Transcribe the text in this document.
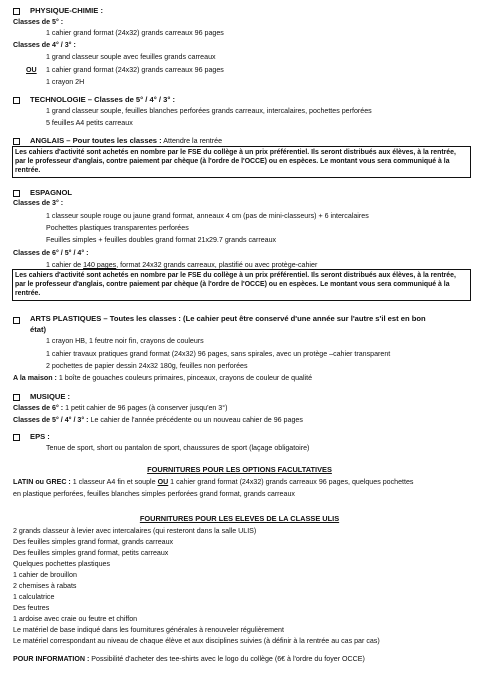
PHYSIQUE-CHIMIE :
Classes de 5° :
1 cahier grand format (24x32) grands carreaux 96 pages
Classes de 4° / 3° :
1 grand classeur souple avec feuilles grands carreaux
OU 1 cahier grand format (24x32) grands carreaux 96 pages
1 crayon 2H
TECHNOLOGIE – Classes de 5° / 4° / 3° :
1 grand classeur souple, feuilles blanches perforées grands carreaux, intercalaires, pochettes perforées
5 feuilles A4 petits carreaux
ANGLAIS – Pour toutes les classes : Attendre la rentrée
Les cahiers d'activité sont achetés en nombre par le FSE du collège à un prix préférentiel. Ils seront distribués aux élèves, à la rentrée, par le professeur d'anglais, contre paiement par chèque (à l'ordre de l'OCCE) ou en espèces. Le montant vous sera communiqué à la rentrée.
ESPAGNOL
Classes de 3° :
1 classeur souple rouge ou jaune grand format, anneaux 4 cm (pas de mini-classeurs) + 6 intercalaires
Pochettes plastiques transparentes perforées
Feuilles simples + feuilles doubles grand format 21x29.7 grands carreaux
Classes de 6° / 5° / 4° :
1 cahier de 140 pages, format 24x32 grands carreaux, plastifié ou avec protège-cahier
Les cahiers d'activité sont achetés en nombre par le FSE du collège à un prix préférentiel. Ils seront distribués aux élèves, à la rentrée, par le professeur d'anglais, contre paiement par chèque (à l'ordre de l'OCCE) ou en espèces. Le montant vous sera communiqué à la rentrée.
ARTS PLASTIQUES – Toutes les classes : (Le cahier peut être conservé d'une année sur l'autre s'il est en bon
état)
1 crayon HB, 1 feutre noir fin, crayons de couleurs
1 cahier travaux pratiques grand format (24x32) 96 pages, sans spirales, avec un protège –cahier transparent
2 pochettes de papier dessin 24x32 180g, feuilles non perforées
A la maison : 1 boîte de gouaches couleurs primaires, pinceaux, crayons de couleur de qualité
MUSIQUE :
Classes de 6° : 1 petit cahier de 96 pages (à conserver jusqu'en 3°)
Classes de 5° / 4° / 3° : Le cahier de l'année précédente ou un nouveau cahier de 96 pages
EPS :
Tenue de sport, short ou pantalon de sport, chaussures de sport (laçage obligatoire)
FOURNITURES POUR LES OPTIONS FACULTATIVES
LATIN ou GREC : 1 classeur A4 fin et souple OU 1 cahier grand format (24x32) grands carreaux 96 pages, quelques pochettes
en plastique perforées, feuilles blanches simples perforées grand format, grands carreaux
FOURNITURES POUR LES ELEVES DE LA CLASSE ULIS
2 grands classeur à levier avec intercalaires (qui resteront dans la salle ULIS)
Des feuilles simples grand format, grands carreaux
Des feuilles simples grand format, petits carreaux
Quelques pochettes plastiques
1 cahier de brouillon
2 chemises à rabats
1 calculatrice
Des feutres
1 ardoise avec craie ou feutre et chiffon
Le matériel de base indiqué dans les fournitures générales à renouveler régulièrement
Le matériel correspondant au niveau de chaque élève et aux disciplines suivies (à définir à la rentrée au cas par cas)
POUR INFORMATION : Possibilité d'acheter des tee-shirts avec le logo du collège (6€ à l'ordre du foyer OCCE)
